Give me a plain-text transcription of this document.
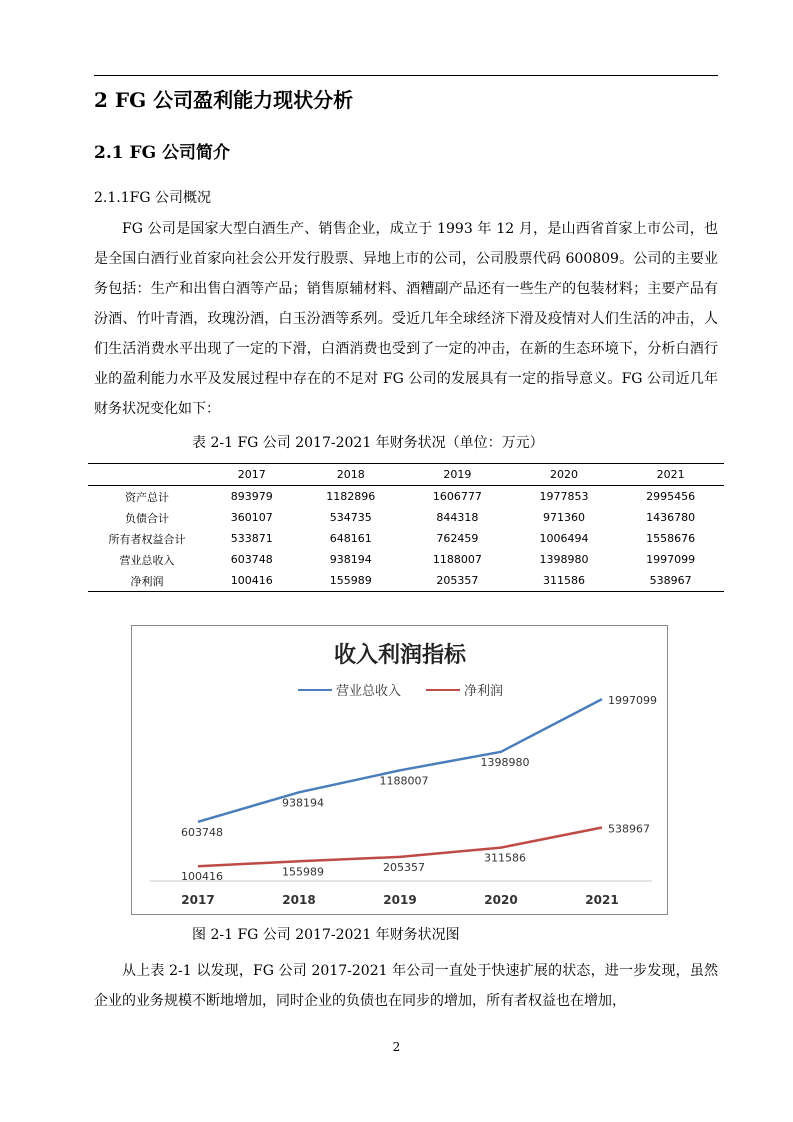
2 FG 公司盈利能力现状分析
2.1 FG 公司简介
2.1.1FG 公司概况

FG 公司是国家大型白酒生产、销售企业，成立于 1993 年 12 月，是山西省首家上市公司，也是全国白酒行业首家向社会公开发行股票、异地上市的公司，公司股票代码 600809。公司的主要业务包括：生产和出售白酒等产品；销售原辅材料、酒糟副产品还有一些生产的包装材料；主要产品有汾酒、竹叶青酒，玫瑰汾酒，白玉汾酒等系列。受近几年全球经济下滑及疫情对人们生活的冲击，人们生活消费水平出现了一定的下滑，白酒消费也受到了一定的冲击，在新的生态环境下，分析白酒行业的盈利能力水平及发展过程中存在的不足对 FG 公司的发展具有一定的指导意义。FG 公司近几年财务状况变化如下：

表 2-1 FG 公司 2017-2021 年财务状况（单位：万元）
	2017	2018	2019	2020	2021
资产总计	893979	1182896	1606777	1977853	2995456
负债合计	360107	534735	844318	971360	1436780
所有者权益合计	533871	648161	762459	1006494	1558676
营业总收入	603748	938194	1188007	1398980	1997099
净利润	100416	155989	205357	311586	538967
收入利润指标
营业总收入	净利润
2017	2018	2019	2020	2021
603748
938194
1188007
1398980
1997099
100416	155989	205357
311586
538967
图 2-1 FG 公司 2017-2021 年财务状况图

从上表 2-1 以发现，FG 公司 2017-2021 年公司一直处于快速扩展的状态，进一步发现，虽然企业的业务规模不断地增加，同时企业的负债也在同步的增加，所有者权益也在增加，

2
